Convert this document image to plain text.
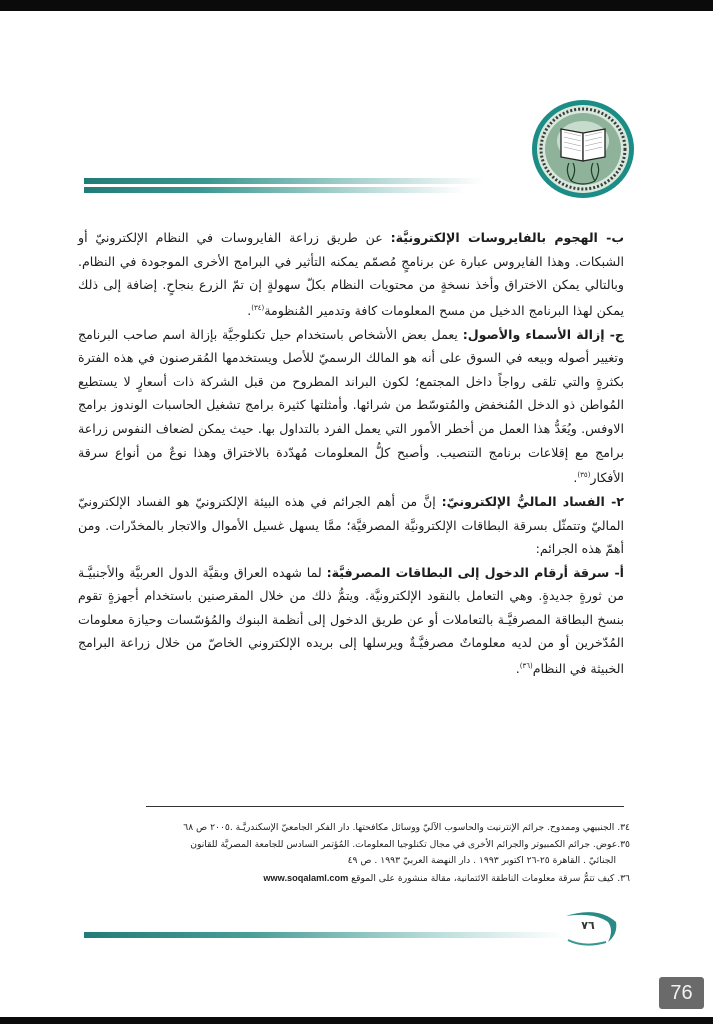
ب- الهجوم بالفايروسات الإلكترونيَّة: عن طريق زراعة الفايروسات في النظام الإلكترونيّ أو الشبكات. وهذا الفايروس عبارة عن برنامجٍ مُصمّم يمكنه التأثير في البرامج الأخرى الموجودة في النظام. وبالتالي يمكن الاختراق وأخذ نسخةٍ من محتويات النظام بكلّ سهولةٍ إن تمّ الزرع بنجاحٍ. إضافة إلى ذلك يمكن لهذا البرنامج الدخيل من مسح المعلومات كافة وتدمير المُنظومة$^{(٣٤)}$.

ج- إزالة الأسماء والأصول: يعمل بعض الأشخاص باستخدام حيل تكنلوجيَّة بإزالة اسم صاحب البرنامج وتغيير أصوله وبيعه في السوق على أنه هو المالك الرسميّ للأصل ويستخدمها المُقرصنون في هذه الفترة بكثرةٍ والتي تلقى رواجاً داخل المجتمع؛ لكون البراند المطروح من قبل الشركة ذات أسعارٍ لا يستطيع المُواطن ذو الدخل المُنخفض والمُتوسّط من شرائها. وأمثلتها كثيرة برامج تشغيل الحاسبات الوندوز برامج الاوفس. ويُعَدُّ هذا العمل من أخطر الأمور التي يعمل الفرد بالتداول بها. حيث يمكن لضعاف النفوس زراعة برامج مع إقلاعات برنامج التنصيب. وأصبح كلُّ المعلومات مُهدّدة بالاختراق وهذا نوعٌ من أنواع سرقة الأفكار$^{(٣٥)}$.

٢- الفساد الماليُّ الإلكترونيّ: إنَّ من أهم الجرائم في هذه البيئة الإلكترونيّ هو الفساد الإلكترونيّ الماليّ وتتمثّل بسرقة البطاقات الإلكترونيَّة المصرفيَّة؛ ممَّا يسهل غسيل الأموال والاتجار بالمخدّرات. ومن أهمّ هذه الجرائم:

أ- سرقة أرقام الدخول إلى البطاقات المصرفيَّة: لما شهده العراق وبقيَّة الدول العربيَّة والأجنبيَّـة من ثورةٍ جديدةٍ. وهي التعامل بالنقود الإلكترونيَّة. ويتمُّ ذلك من خلال المقرصنين باستخدام أجهزةٍ تقوم بنسخ البطاقة المصرفيَّـة بالتعاملات أو عن طريق الدخول إلى أنظمة البنوك والمُؤسّسات وحيازة معلومات المُدّخرين أو من لديه معلوماتٌ مصرفيَّـةٌ ويرسلها إلى بريده الإلكتروني الخاصّ من خلال زراعة البرامج الخبيثة في النظام$^{(٣٦)}$.

٣٤. الجنبيهي وممدوح. جرائم الإنترنيت والحاسوب الآليّ ووسائل مكافحتها. دار الفكر الجامعيّ الإسكندريَّـة .٢٠٠٥ ص ٦٨
٣٥.عوض. جرائم الكمبيوتر والجرائم الأخرى في مجال تكنلوجيا المعلومات. المُؤتمر السادس للجامعة المصريَّة للقانون
الجنائيّ . القاهرة ٢٥-٢٦ اكتوبر ١٩٩٣ . دار النهضة العربيّ ١٩٩٣ . ص ٤٩
٣٦. كيف تتمُّ سرقة معلومات الناطقة الائتمانية، مقالة منشورة على الموقع www.soqalaml.com
٧٦
76
